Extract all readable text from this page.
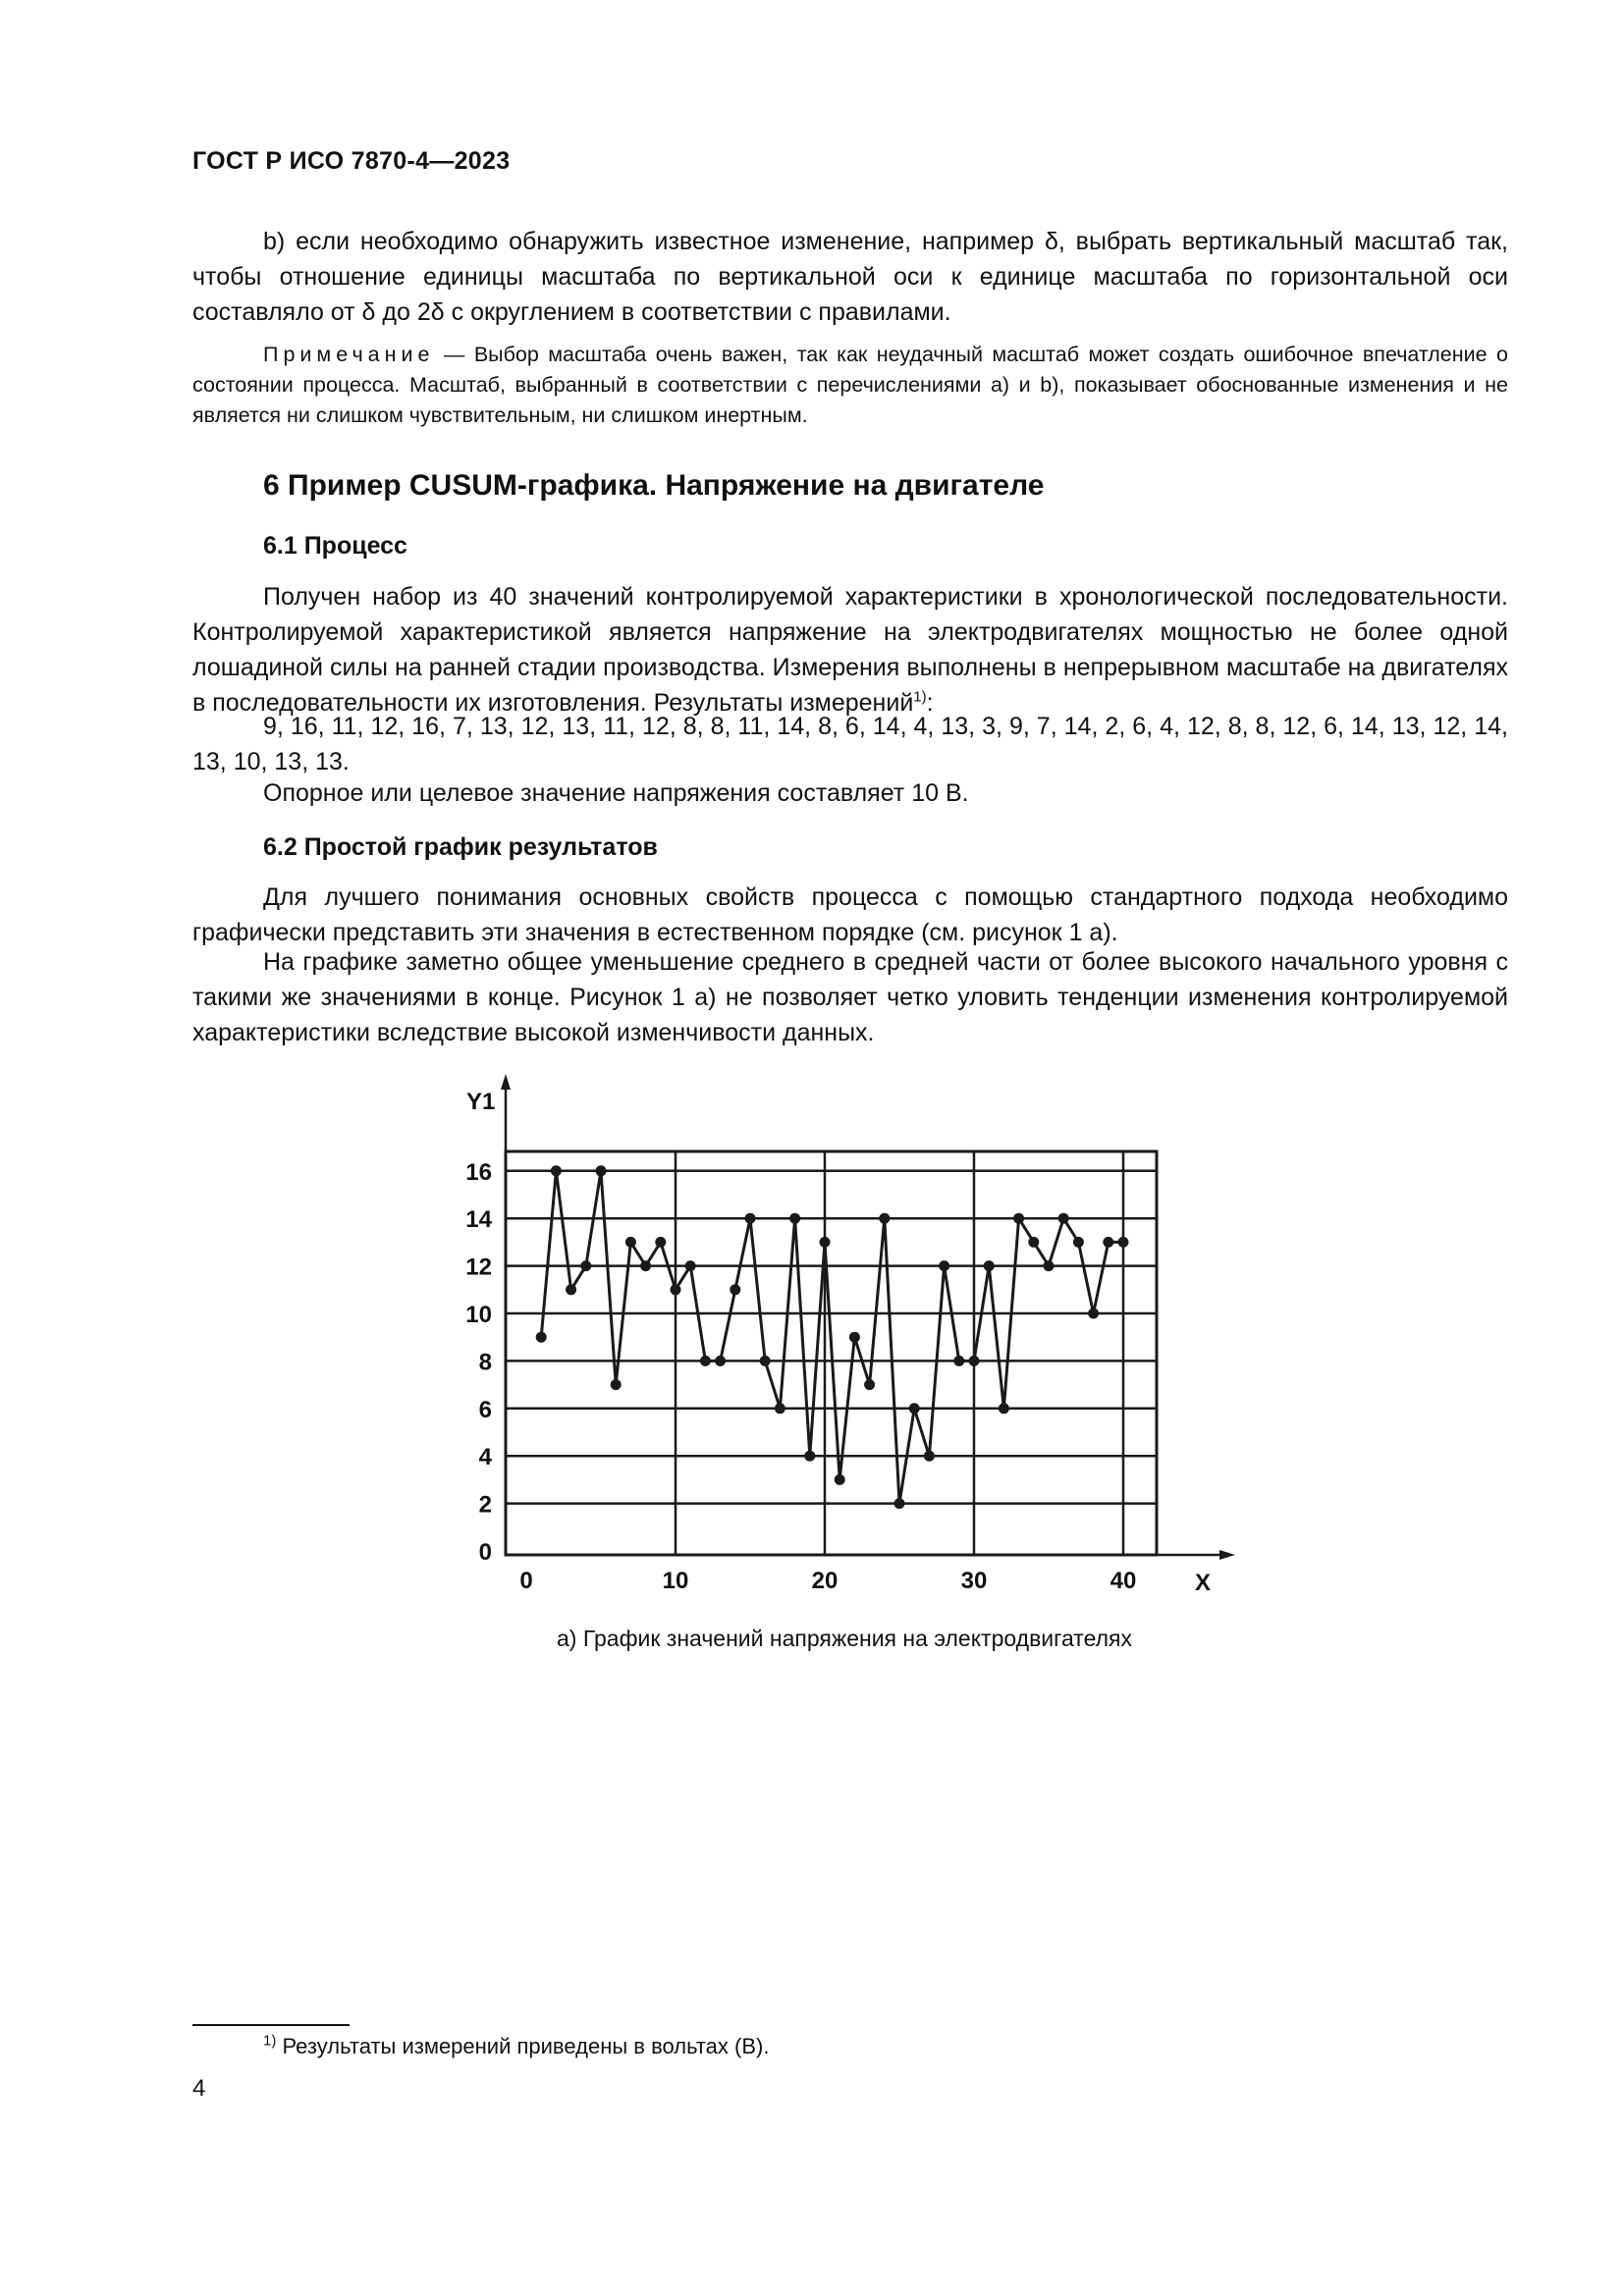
ГОСТ Р ИСО 7870-4—2023
b) если необходимо обнаружить известное изменение, например δ, выбрать вертикальный масштаб так, чтобы отношение единицы масштаба по вертикальной оси к единице масштаба по горизонтальной оси составляло от δ до 2δ с округлением в соответствии с правилами.
Примечание — Выбор масштаба очень важен, так как неудачный масштаб может создать ошибочное впечатление о состоянии процесса. Масштаб, выбранный в соответствии с перечислениями a) и b), показывает обоснованные изменения и не является ни слишком чувствительным, ни слишком инертным.
6 Пример CUSUM-графика. Напряжение на двигателе
6.1 Процесс
Получен набор из 40 значений контролируемой характеристики в хронологической последовательности. Контролируемой характеристикой является напряжение на электродвигателях мощностью не более одной лошадиной силы на ранней стадии производства. Измерения выполнены в непрерывном масштабе на двигателях в последовательности их изготовления. Результаты измерений$^{1)}$:
9, 16, 11, 12, 16, 7, 13, 12, 13, 11, 12, 8, 8, 11, 14, 8, 6, 14, 4, 13, 3, 9, 7, 14, 2, 6, 4, 12, 8, 8, 12, 6, 14, 13, 12, 14, 13, 10, 13, 13.
Опорное или целевое значение напряжения составляет 10 В.
6.2 Простой график результатов
Для лучшего понимания основных свойств процесса с помощью стандартного подхода необходимо графически представить эти значения в естественном порядке (см. рисунок 1 a).
На графике заметно общее уменьшение среднего в средней части от более высокого начального уровня с такими же значениями в конце. Рисунок 1 a) не позволяет четко уловить тенденции изменения контролируемой характеристики вследствие высокой изменчивости данных.
0
2
4
6
8
10
12
14
16
0	10	20	30	40
Y1
X
a) График значений напряжения на электродвигателях
$^{1)}$ Результаты измерений приведены в вольтах (В).
4
